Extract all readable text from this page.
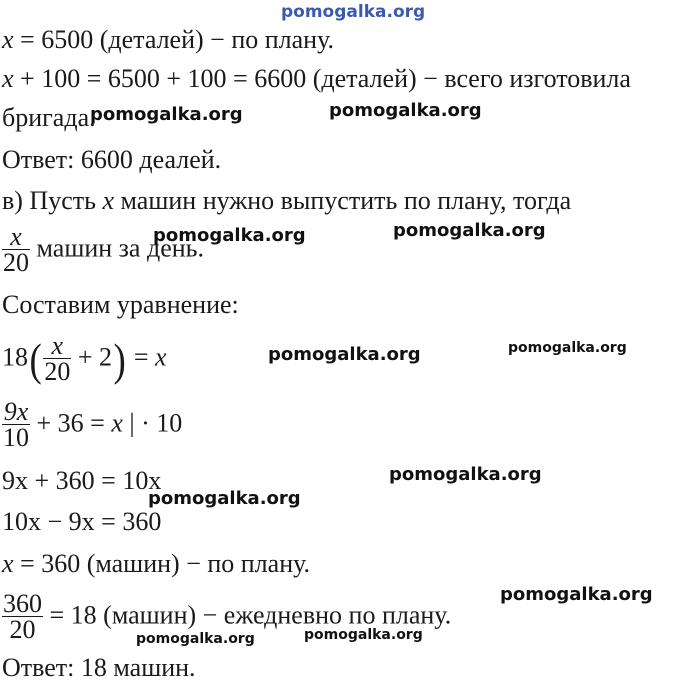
pomogalka.org
x = 6500 (деталей) − по плану.
x + 100 = 6500 + 100 = 6600 (деталей) − всего изготовила
бригада.
pomogalka.org	pomogalka.org
Ответ: 6600 деалей.
в) Пусть x машин нужно выпустить по плану, тогда
$\frac{x}{20}$ машин за день.
pomogalka.org	pomogalka.org
Составим уравнение:
$18( \frac{x}{20} + 2) = x$	pomogalka.org	pomogalka.org
$\frac{9x}{10} + 36 = x$ | · 10
9x + 360 = 10x	pomogalka.org
pomogalka.org
10x − 9x = 360
x = 360 (машин) − по плану.
$\frac{360}{20} = 18$ (машин) − ежедневно по плану.
pomogalka.org
pomogalka.org	pomogalka.org
Ответ: 18 машин.
